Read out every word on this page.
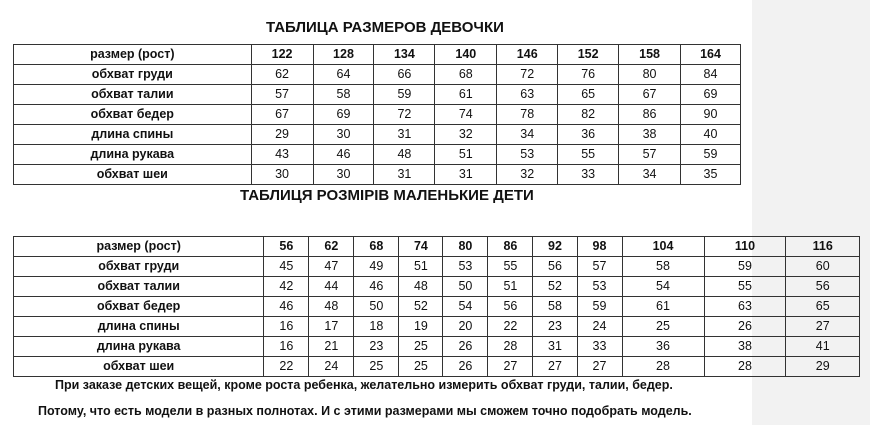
ТАБЛИЦА РАЗМЕРОВ ДЕВОЧКИ
размер (рост)	122	128	134	140	146	152	158	164
обхват груди	62	64	66	68	72	76	80	84
обхват талии	57	58	59	61	63	65	67	69
обхват бедер	67	69	72	74	78	82	86	90
длина спины	29	30	31	32	34	36	38	40
длина рукава	43	46	48	51	53	55	57	59
обхват шеи	30	30	31	31	32	33	34	35
ТАБЛИЦЯ РОЗМІРІВ МАЛЕНЬКИЕ ДЕТИ
размер (рост)	56	62	68	74	80	86	92	98	104	110	116
обхват груди	45	47	49	51	53	55	56	57	58	59	60
обхват талии	42	44	46	48	50	51	52	53	54	55	56
обхват бедер	46	48	50	52	54	56	58	59	61	63	65
длина спины	16	17	18	19	20	22	23	24	25	26	27
длина рукава	16	21	23	25	26	28	31	33	36	38	41
обхват шеи	22	24	25	25	26	27	27	27	28	28	29
При заказе детских вещей, кроме роста ребенка, желательно измерить обхват груди, талии, бедер.
Потому, что есть модели в разных полнотах. И с этими размерами мы сможем точно подобрать модель.
